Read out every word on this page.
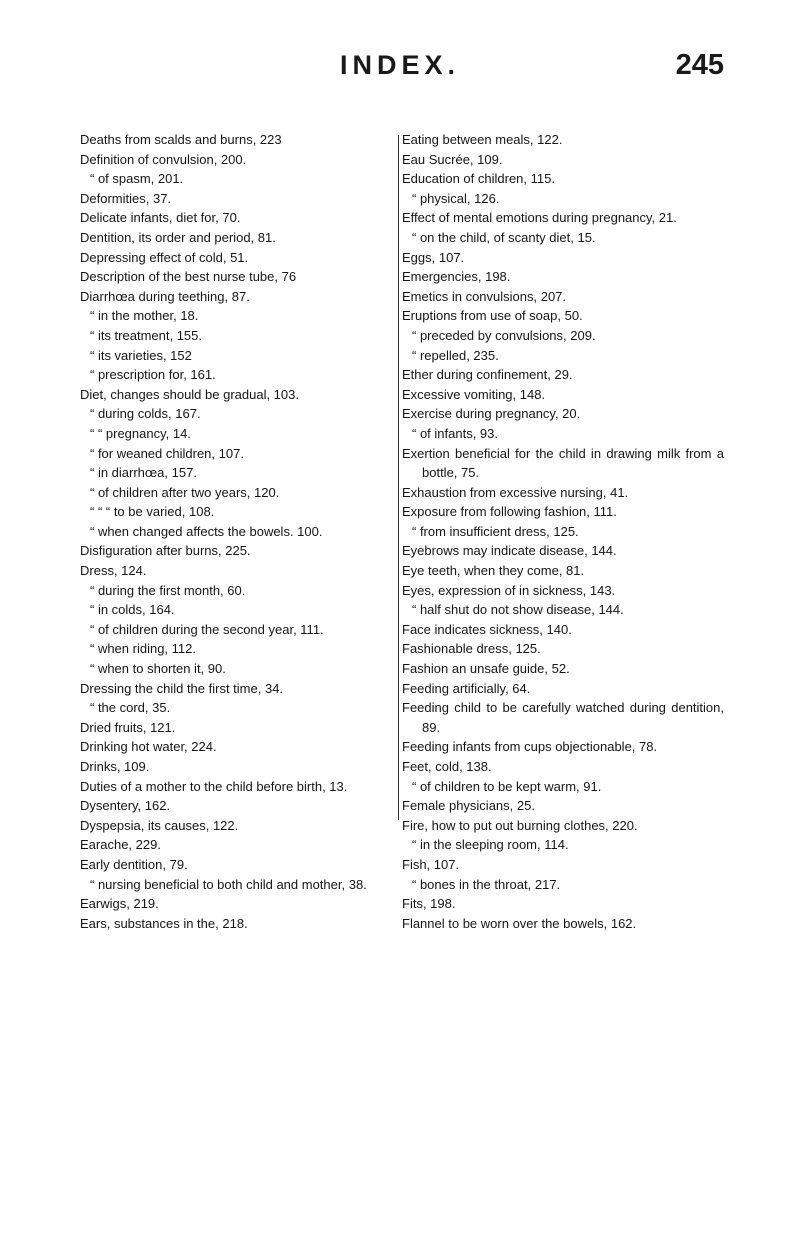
INDEX.	245

Deaths from scalds and burns, 223

Definition of convulsion, 200.

“ of spasm, 201.

Deformities, 37.

Delicate infants, diet for, 70.

Dentition, its order and period, 81.

Depressing effect of cold, 51.

Description of the best nurse tube, 76

Diarrhœa during teething, 87.

“ in the mother, 18.

“ its treatment, 155.

“ its varieties, 152

“ prescription for, 161.

Diet, changes should be gradual, 103.

“ during colds, 167.

“ “ pregnancy, 14.

“ for weaned children, 107.

“ in diarrhœa, 157.

“ of children after two years, 120.

“ “ “ to be varied, 108.

“ when changed affects the bowels. 100.

Disfiguration after burns, 225.

Dress, 124.

“ during the first month, 60.

“ in colds, 164.

“ of children during the second year, 111.

“ when riding, 112.

“ when to shorten it, 90.

Dressing the child the first time, 34.

“ the cord, 35.

Dried fruits, 121.

Drinking hot water, 224.

Drinks, 109.

Duties of a mother to the child before birth, 13.

Dysentery, 162.

Dyspepsia, its causes, 122.

Earache, 229.

Early dentition, 79.

“ nursing beneficial to both child and mother, 38.

Earwigs, 219.

Ears, substances in the, 218.

Eating between meals, 122.

Eau Sucrée, 109.

Education of children, 115.

“ physical, 126.

Effect of mental emotions during pregnancy, 21.

“ on the child, of scanty diet, 15.

Eggs, 107.

Emergencies, 198.

Emetics in convulsions, 207.

Eruptions from use of soap, 50.

“ preceded by convulsions, 209.

“ repelled, 235.

Ether during confinement, 29.

Excessive vomiting, 148.

Exercise during pregnancy, 20.

“ of infants, 93.

Exertion beneficial for the child in drawing milk from a bottle, 75.

Exhaustion from excessive nursing, 41.

Exposure from following fashion, 111.

“ from insufficient dress, 125.

Eyebrows may indicate disease, 144.

Eye teeth, when they come, 81.

Eyes, expression of in sickness, 143.

“ half shut do not show disease, 144.

Face indicates sickness, 140.

Fashionable dress, 125.

Fashion an unsafe guide, 52.

Feeding artificially, 64.

Feeding child to be carefully watched during dentition, 89.

Feeding infants from cups objectionable, 78.

Feet, cold, 138.

“ of children to be kept warm, 91.

Female physicians, 25.

Fire, how to put out burning clothes, 220.

“ in the sleeping room, 114.

Fish, 107.

“ bones in the throat, 217.

Fits, 198.

Flannel to be worn over the bowels, 162.
